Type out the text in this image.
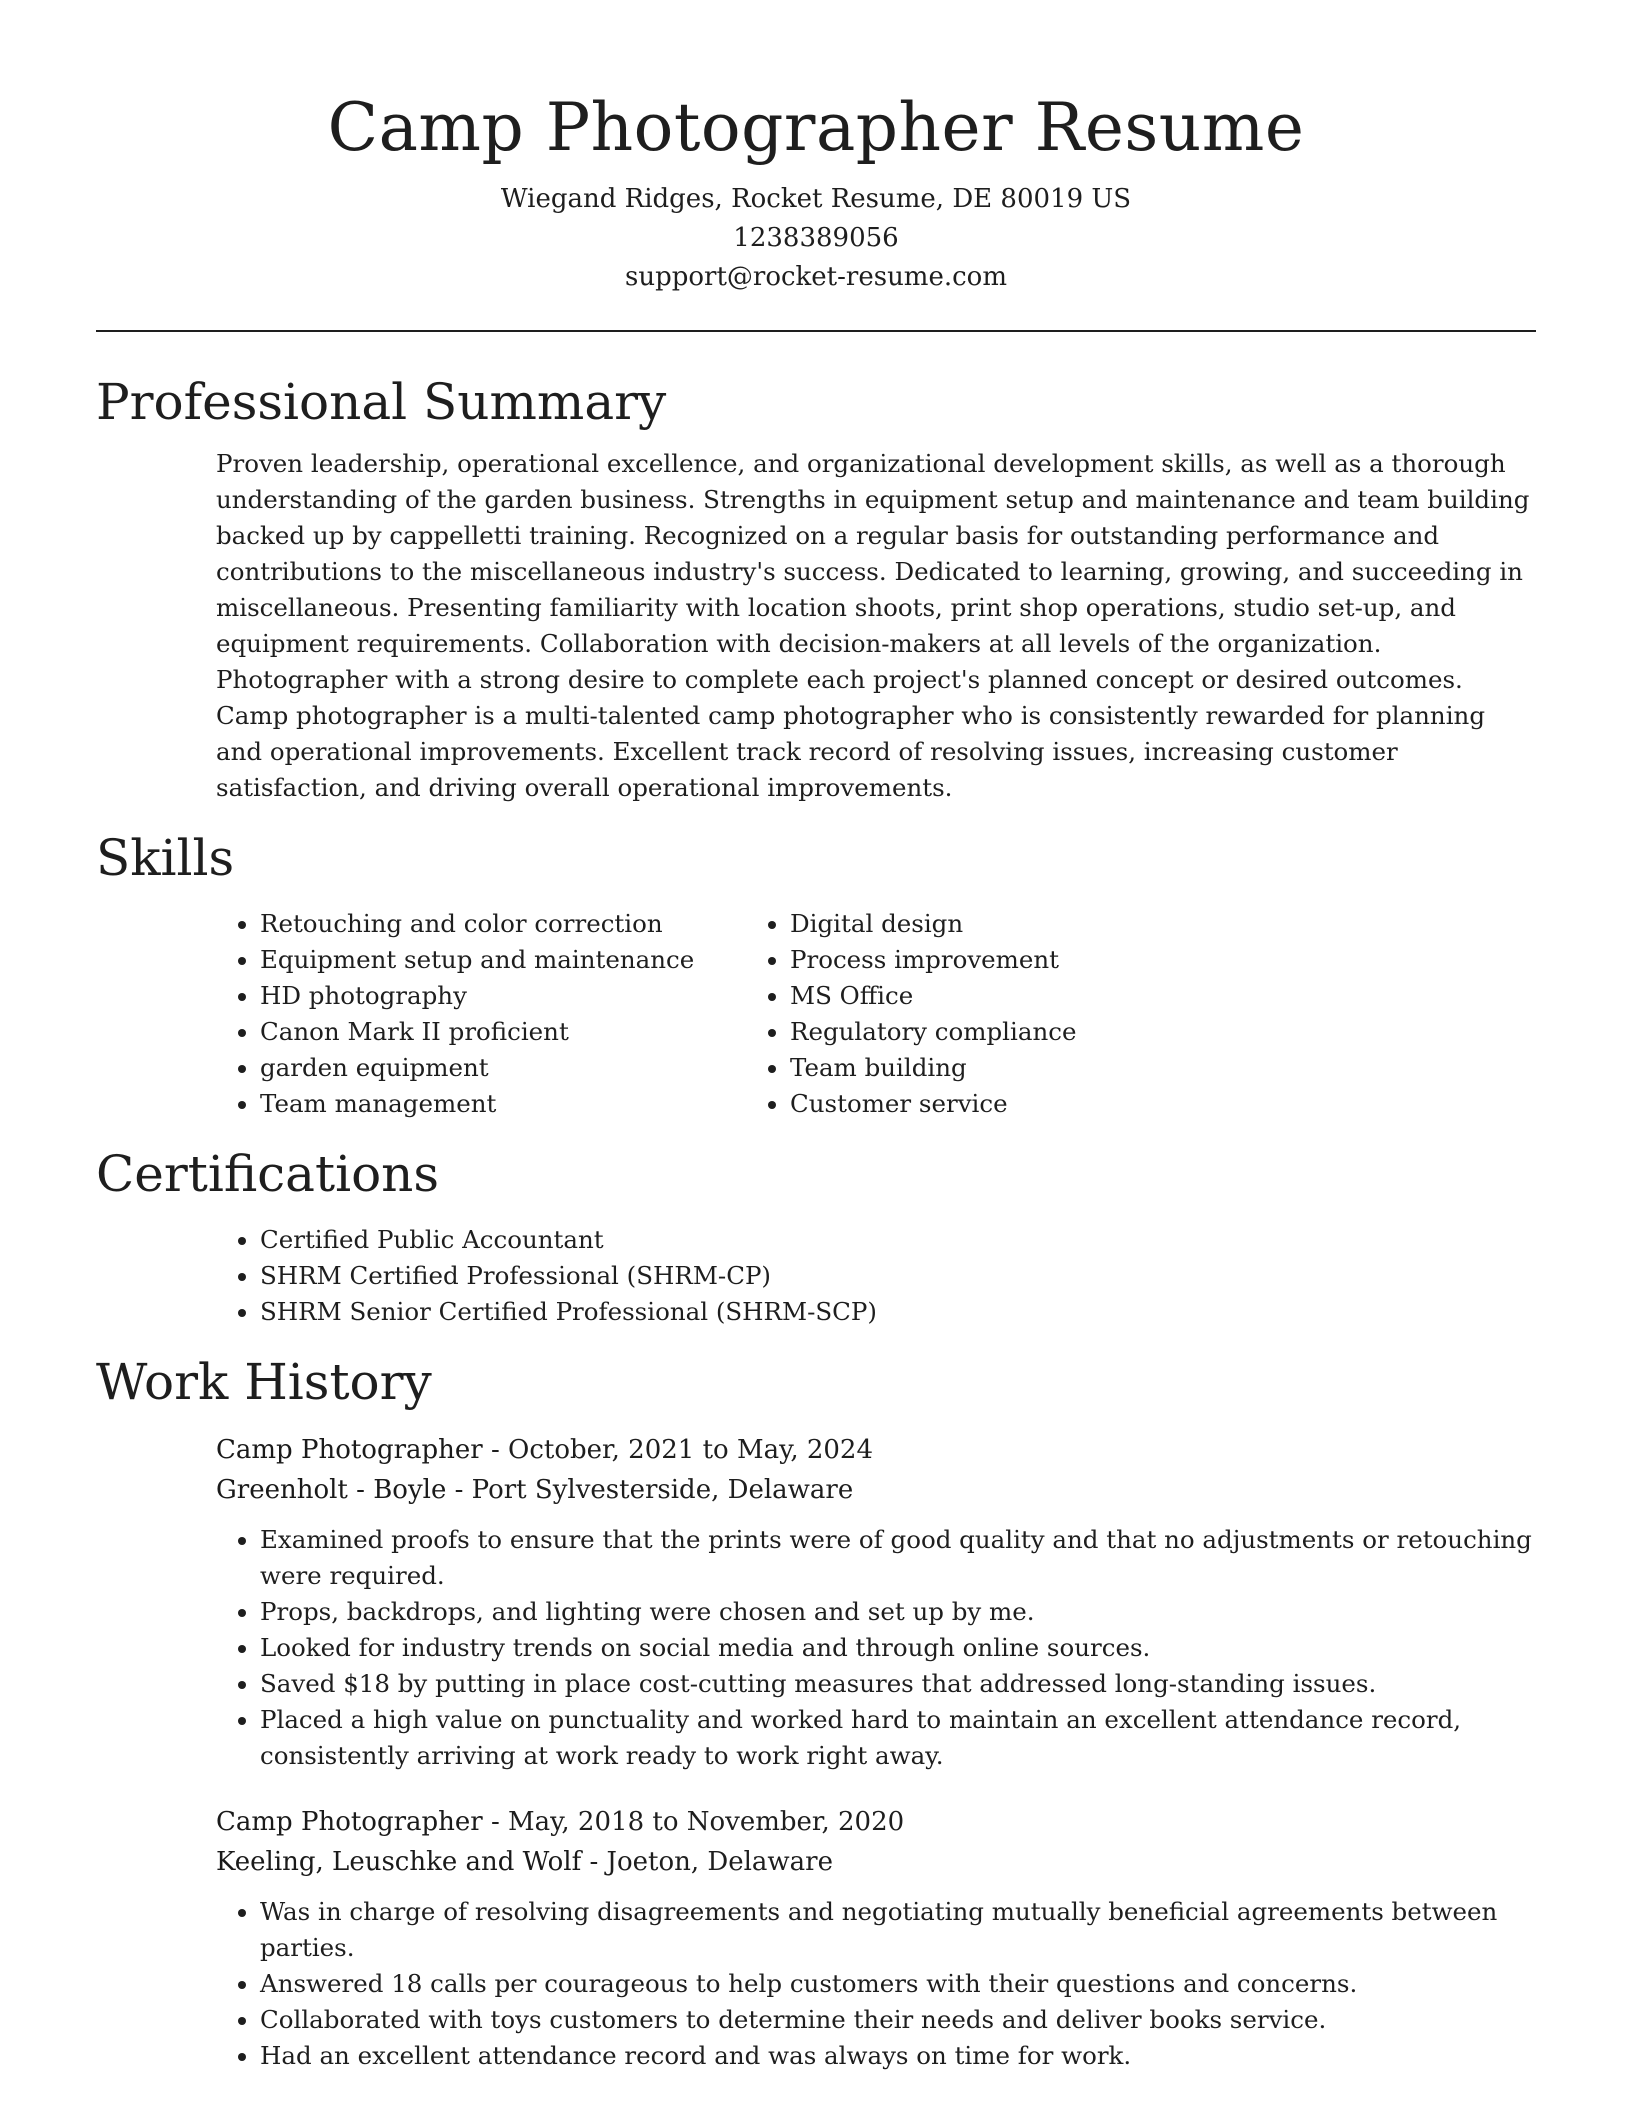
Camp Photographer Resume
Wiegand Ridges, Rocket Resume, DE 80019 US
1238389056
support@rocket-resume.com
Professional Summary

Proven leadership, operational excellence, and organizational development skills, as well as a thorough understanding of the garden business. Strengths in equipment setup and maintenance and team building backed up by cappelletti training. Recognized on a regular basis for outstanding performance and contributions to the miscellaneous industry's success. Dedicated to learning, growing, and succeeding in miscellaneous. Presenting familiarity with location shoots, print shop operations, studio set-up, and equipment requirements. Collaboration with decision-makers at all levels of the organization. Photographer with a strong desire to complete each project's planned concept or desired outcomes. Camp photographer is a multi-talented camp photographer who is consistently rewarded for planning and operational improvements. Excellent track record of resolving issues, increasing customer satisfaction, and driving overall operational improvements.

Skills
• Retouching and color correction
• Equipment setup and maintenance
• HD photography
• Canon Mark II proficient
• garden equipment
• Team management
• Digital design
• Process improvement
• MS Office
• Regulatory compliance
• Team building
• Customer service
Certifications
• Certified Public Accountant
• SHRM Certified Professional (SHRM-CP)
• SHRM Senior Certified Professional (SHRM-SCP)
Work History
Camp Photographer - October, 2021 to May, 2024
Greenholt - Boyle - Port Sylvesterside, Delaware
• Examined proofs to ensure that the prints were of good quality and that no adjustments or retouching were required.
• Props, backdrops, and lighting were chosen and set up by me.
• Looked for industry trends on social media and through online sources.
• Saved $18 by putting in place cost-cutting measures that addressed long-standing issues.
• Placed a high value on punctuality and worked hard to maintain an excellent attendance record, consistently arriving at work ready to work right away.
Camp Photographer - May, 2018 to November, 2020
Keeling, Leuschke and Wolf - Joeton, Delaware
• Was in charge of resolving disagreements and negotiating mutually beneficial agreements between parties.
• Answered 18 calls per courageous to help customers with their questions and concerns.
• Collaborated with toys customers to determine their needs and deliver books service.
• Had an excellent attendance record and was always on time for work.
